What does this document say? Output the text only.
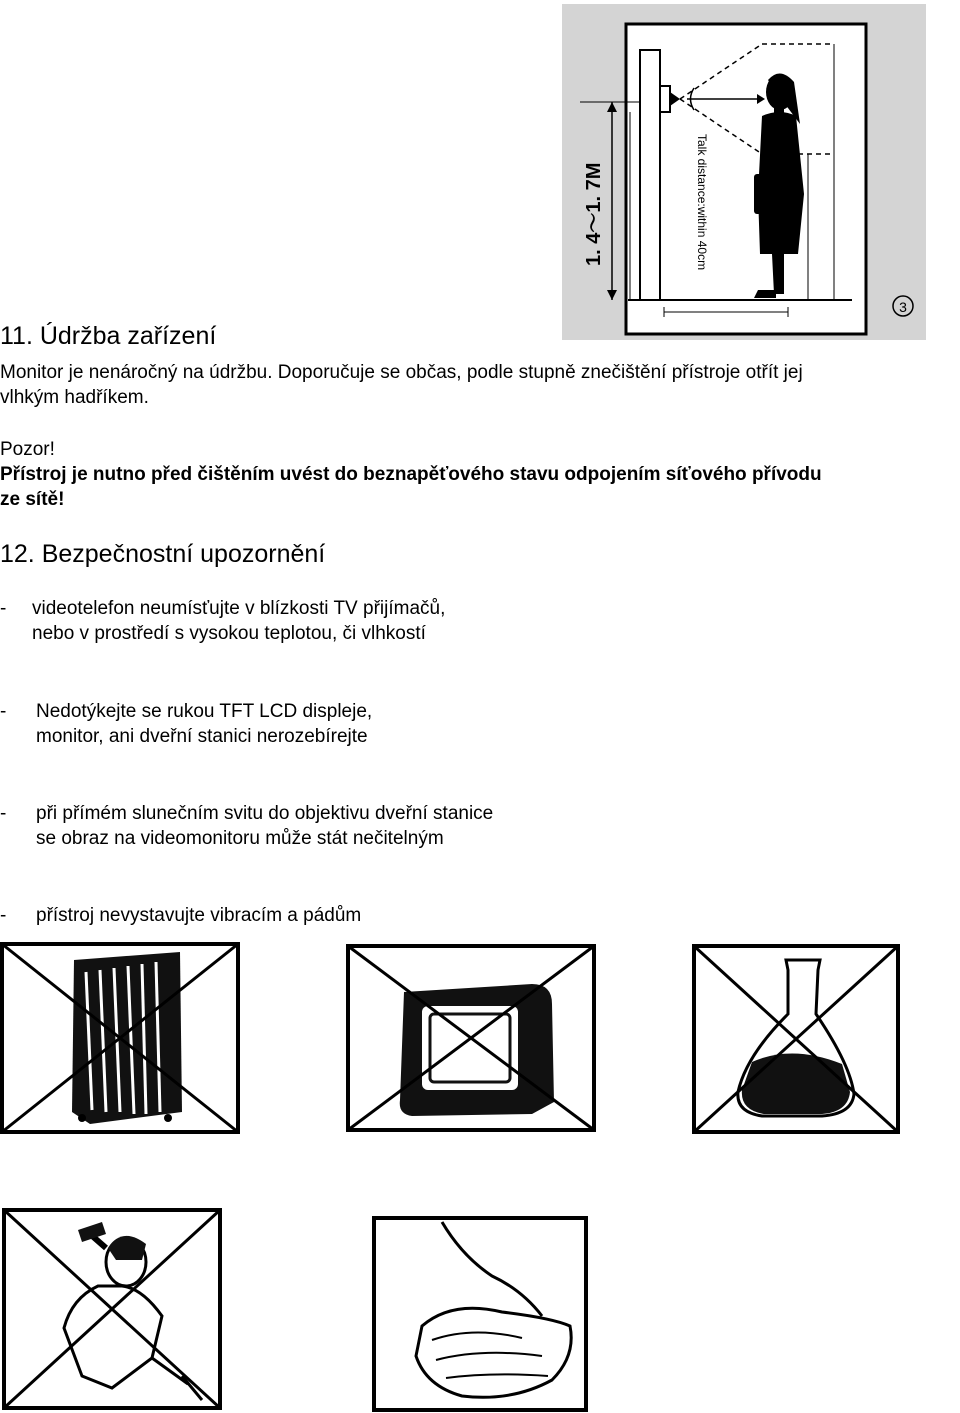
1. 4～1. 7M	Talk distance:within 40cm
3
11. Údržba zařízení
Monitor je nenáročný na údržbu. Doporučuje se občas, podle stupně znečištění přístroje otřít jej
vlhkým hadříkem.
Pozor!
Přístroj je nutno před čištěním uvést do beznapěťového stavu odpojením síťového přívodu
ze sítě!
12. Bezpečnostní upozornění
- videotelefon neumísťujte v blízkosti TV přijímačů,
nebo v prostředí s vysokou teplotou, či vlhkostí
- Nedotýkejte se rukou TFT LCD displeje,
monitor, ani dveřní stanici nerozebírejte
- při přímém slunečním svitu do objektivu dveřní stanice
se obraz na videomonitoru může stát nečitelným
- přístroj nevystavujte vibracím a pádům
